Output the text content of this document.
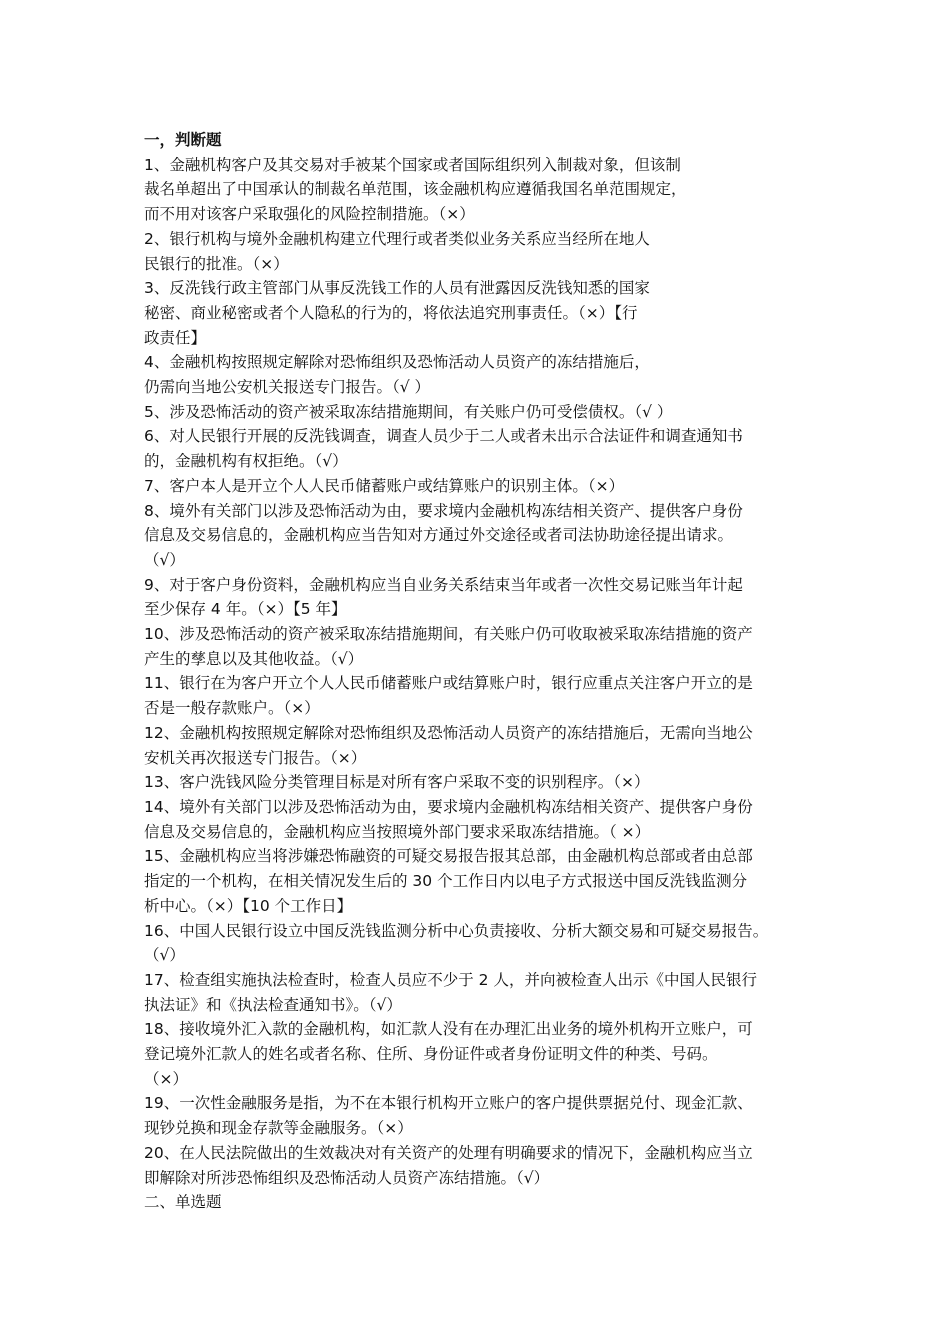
一，判断题
1、金融机构客户及其交易对手被某个国家或者国际组织列入制裁对象，但该制
裁名单超出了中国承认的制裁名单范围，该金融机构应遵循我国名单范围规定，
而不用对该客户采取强化的风险控制措施。（×）
2、银行机构与境外金融机构建立代理行或者类似业务关系应当经所在地人
民银行的批准。（×）
3、反洗钱行政主管部门从事反洗钱工作的人员有泄露因反洗钱知悉的国家
秘密、商业秘密或者个人隐私的行为的，将依法追究刑事责任。（×）【行
政责任】
4、金融机构按照规定解除对恐怖组织及恐怖活动人员资产的冻结措施后，
仍需向当地公安机关报送专门报告。（√ ）
5、涉及恐怖活动的资产被采取冻结措施期间，有关账户仍可受偿债权。（√ ）
6、对人民银行开展的反洗钱调查，调查人员少于二人或者未出示合法证件和调查通知书
的，金融机构有权拒绝。（√）
7、客户本人是开立个人人民币储蓄账户或结算账户的识别主体。（×）
8、境外有关部门以涉及恐怖活动为由，要求境内金融机构冻结相关资产、提供客户身份
信息及交易信息的，金融机构应当告知对方通过外交途径或者司法协助途径提出请求。
（√）
9、对于客户身份资料，金融机构应当自业务关系结束当年或者一次性交易记账当年计起
至少保存 4 年。（×）【5 年】
10、涉及恐怖活动的资产被采取冻结措施期间，有关账户仍可收取被采取冻结措施的资产
产生的孳息以及其他收益。（√）
11、银行在为客户开立个人人民币储蓄账户或结算账户时，银行应重点关注客户开立的是
否是一般存款账户。（×）
12、金融机构按照规定解除对恐怖组织及恐怖活动人员资产的冻结措施后，无需向当地公
安机关再次报送专门报告。（×）
13、客户洗钱风险分类管理目标是对所有客户采取不变的识别程序。（×）
14、境外有关部门以涉及恐怖活动为由，要求境内金融机构冻结相关资产、提供客户身份
信息及交易信息的，金融机构应当按照境外部门要求采取冻结措施。（ ×）
15、金融机构应当将涉嫌恐怖融资的可疑交易报告报其总部，由金融机构总部或者由总部
指定的一个机构，在相关情况发生后的 30 个工作日内以电子方式报送中国反洗钱监测分
析中心。（×）【10 个工作日】
16、中国人民银行设立中国反洗钱监测分析中心负责接收、分析大额交易和可疑交易报告。
（√）
17、检查组实施执法检查时，检查人员应不少于 2 人，并向被检查人出示《中国人民银行
执法证》和《执法检查通知书》。（√）
18、接收境外汇入款的金融机构，如汇款人没有在办理汇出业务的境外机构开立账户，可
登记境外汇款人的姓名或者名称、住所、身份证件或者身份证明文件的种类、号码。
（×）
19、一次性金融服务是指，为不在本银行机构开立账户的客户提供票据兑付、现金汇款、
现钞兑换和现金存款等金融服务。（×）
20、在人民法院做出的生效裁决对有关资产的处理有明确要求的情况下，金融机构应当立
即解除对所涉恐怖组织及恐怖活动人员资产冻结措施。（√）
二、单选题
